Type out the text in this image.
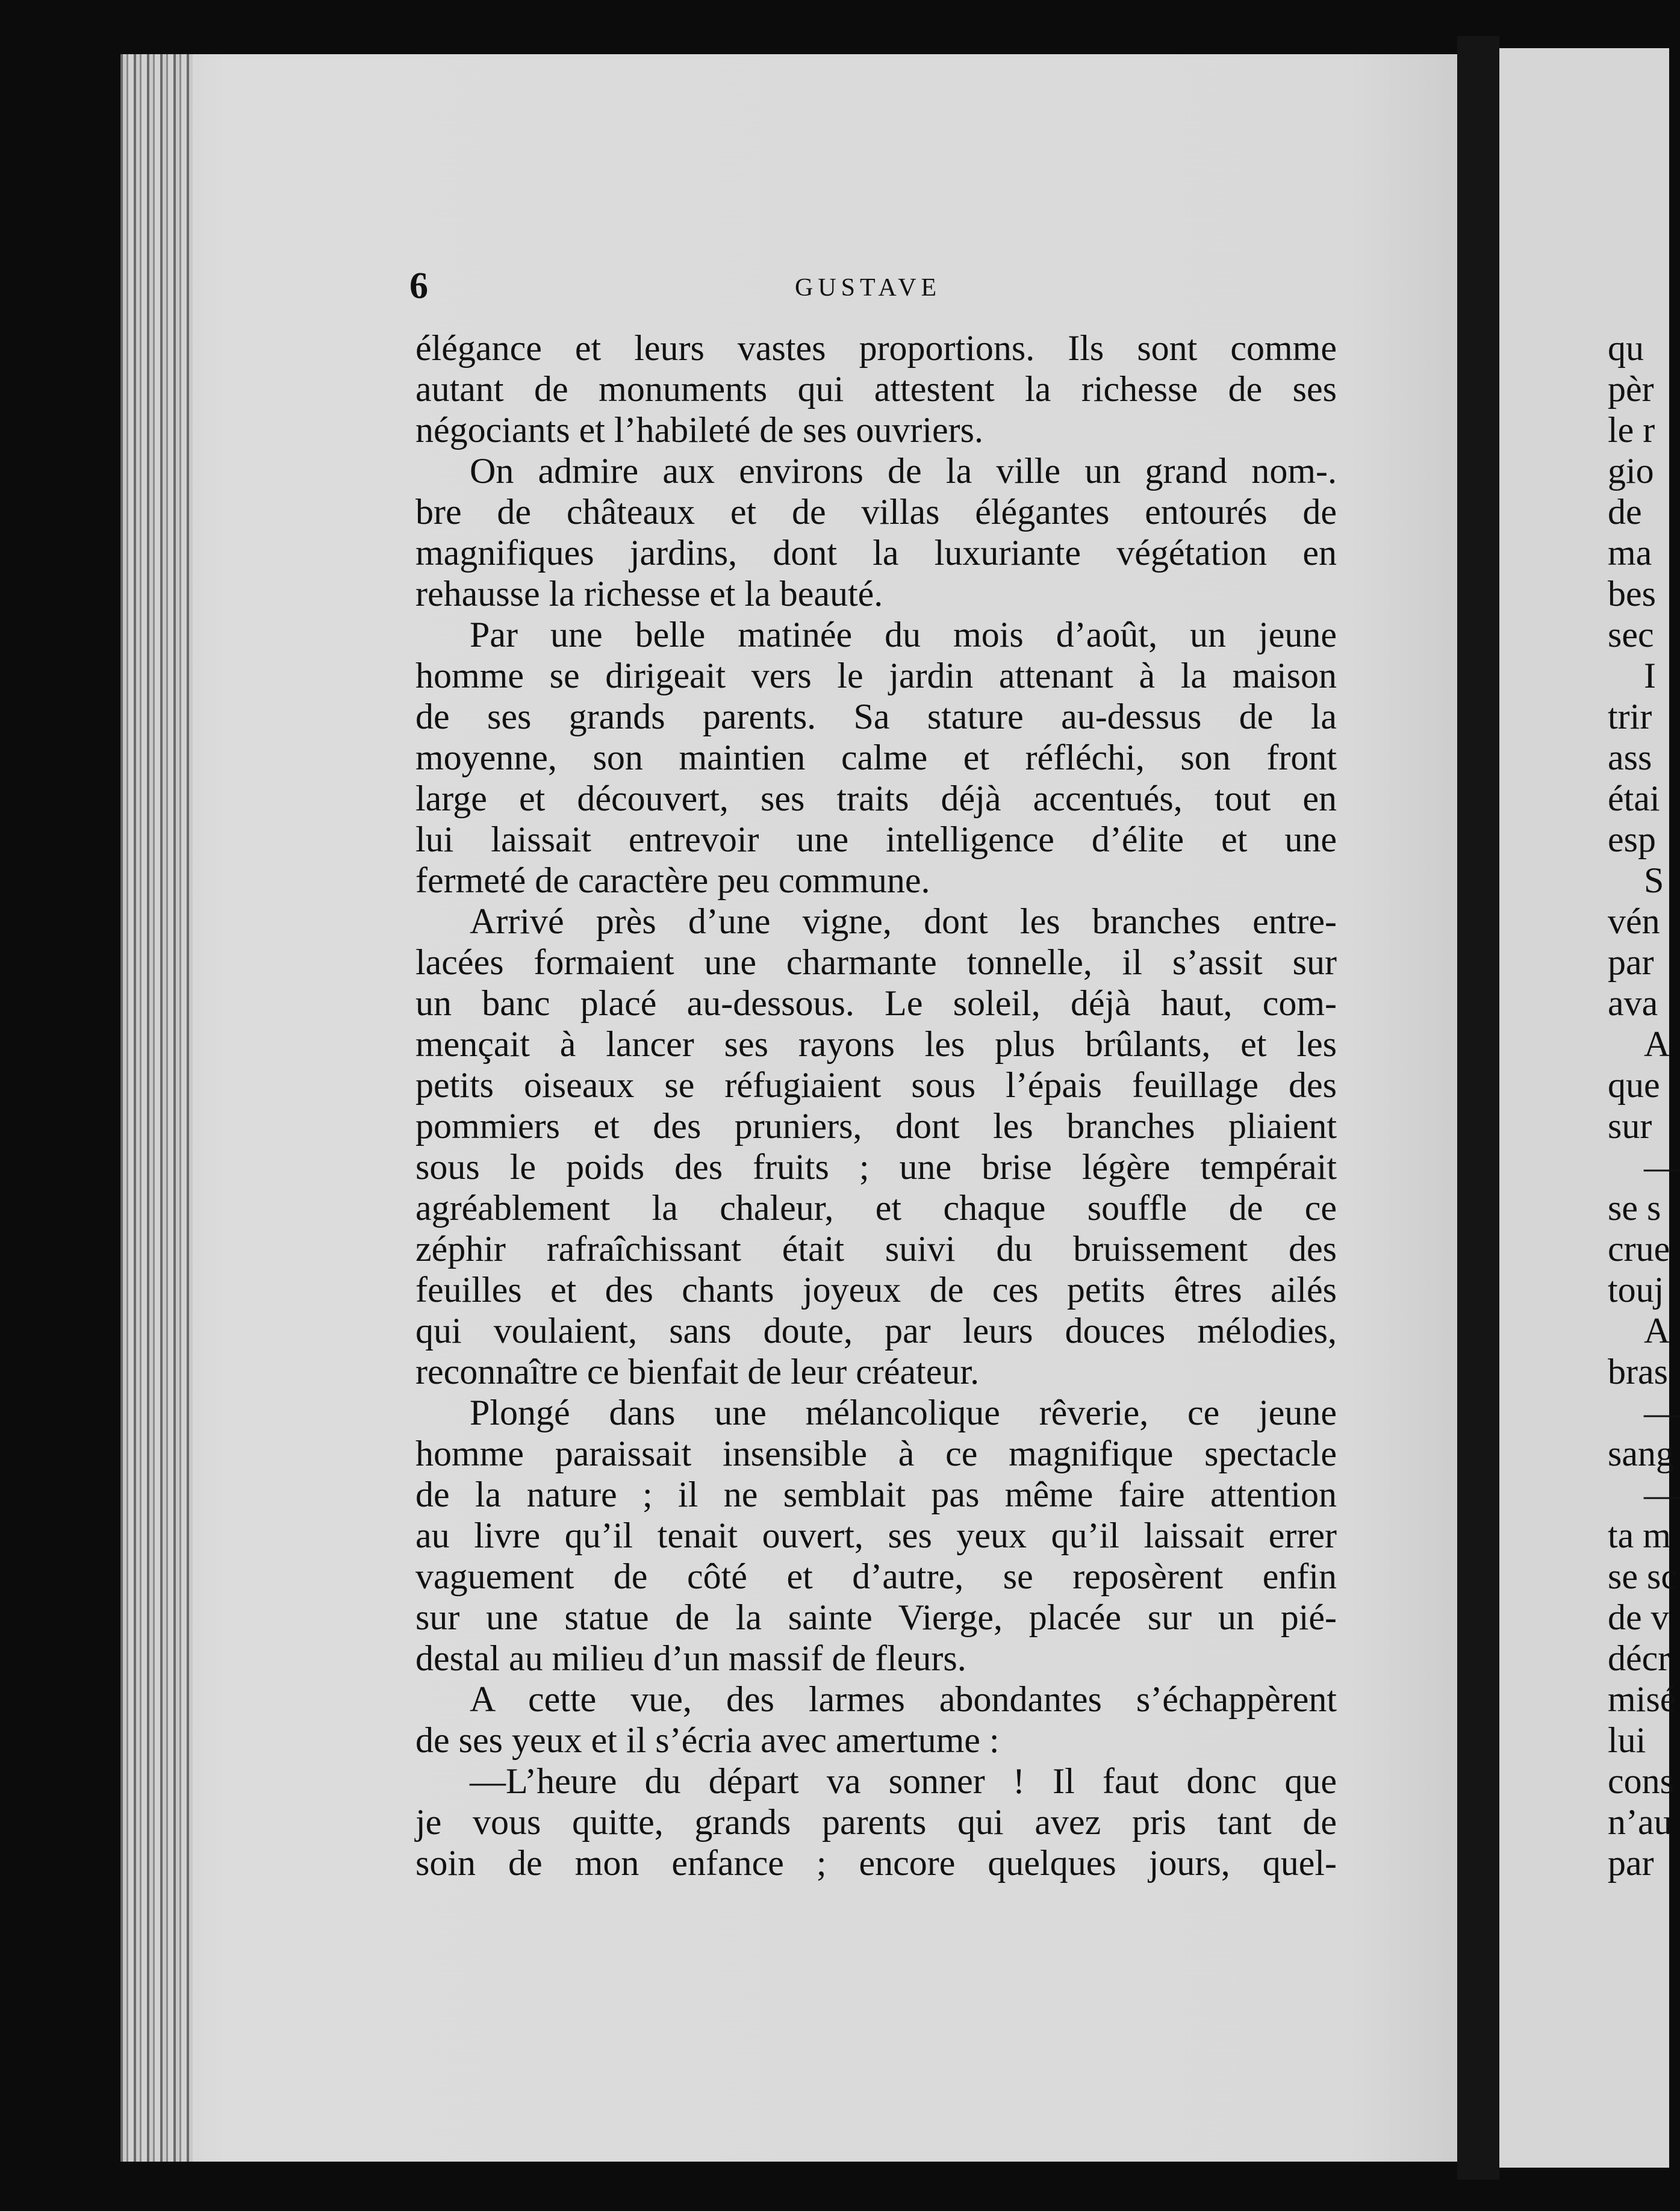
6	GUSTAVE
élégance et leurs vastes proportions. Ils sont comme
autant de monuments qui attestent la richesse de ses
négociants et l’habileté de ses ouvriers.
On admire aux environs de la ville un grand nom-.
bre de châteaux et de villas élégantes entourés de
magnifiques jardins, dont la luxuriante végétation en
rehausse la richesse et la beauté.
Par une belle matinée du mois d’août, un jeune
homme se dirigeait vers le jardin attenant à la maison
de ses grands parents. Sa stature au-dessus de la
moyenne, son maintien calme et réfléchi, son front
large et découvert, ses traits déjà accentués, tout en
lui laissait entrevoir une intelligence d’élite et une
fermeté de caractère peu commune.
Arrivé près d’une vigne, dont les branches entre-
lacées formaient une charmante tonnelle, il s’assit sur
un banc placé au-dessous. Le soleil, déjà haut, com-
mençait à lancer ses rayons les plus brûlants, et les
petits oiseaux se réfugiaient sous l’épais feuillage des
pommiers et des pruniers, dont les branches pliaient
sous le poids des fruits ; une brise légère tempérait
agréablement la chaleur, et chaque souffle de ce
zéphir rafraîchissant était suivi du bruissement des
feuilles et des chants joyeux de ces petits êtres ailés
qui voulaient, sans doute, par leurs douces mélodies,
reconnaître ce bienfait de leur créateur.
Plongé dans une mélancolique rêverie, ce jeune
homme paraissait insensible à ce magnifique spectacle
de la nature ; il ne semblait pas même faire attention
au livre qu’il tenait ouvert, ses yeux qu’il laissait errer
vaguement de côté et d’autre, se reposèrent enfin
sur une statue de la sainte Vierge, placée sur un pié-
destal au milieu d’un massif de fleurs.
A cette vue, des larmes abondantes s’échappèrent
de ses yeux et il s’écria avec amertume :
—L’heure du départ va sonner ! Il faut donc que
je vous quitte, grands parents qui avez pris tant de
soin de mon enfance ; encore quelques jours, quel-
qu
pèr
le r
gio
de
ma
bes
sec
I
trir
ass
étai
esp
S
vén
par
ava
A
que
sur
—
se s
crue
touj
A
bras
—
sang
—
ta m
se sc
de v
décr
misé
lui
cons
n’au
par
